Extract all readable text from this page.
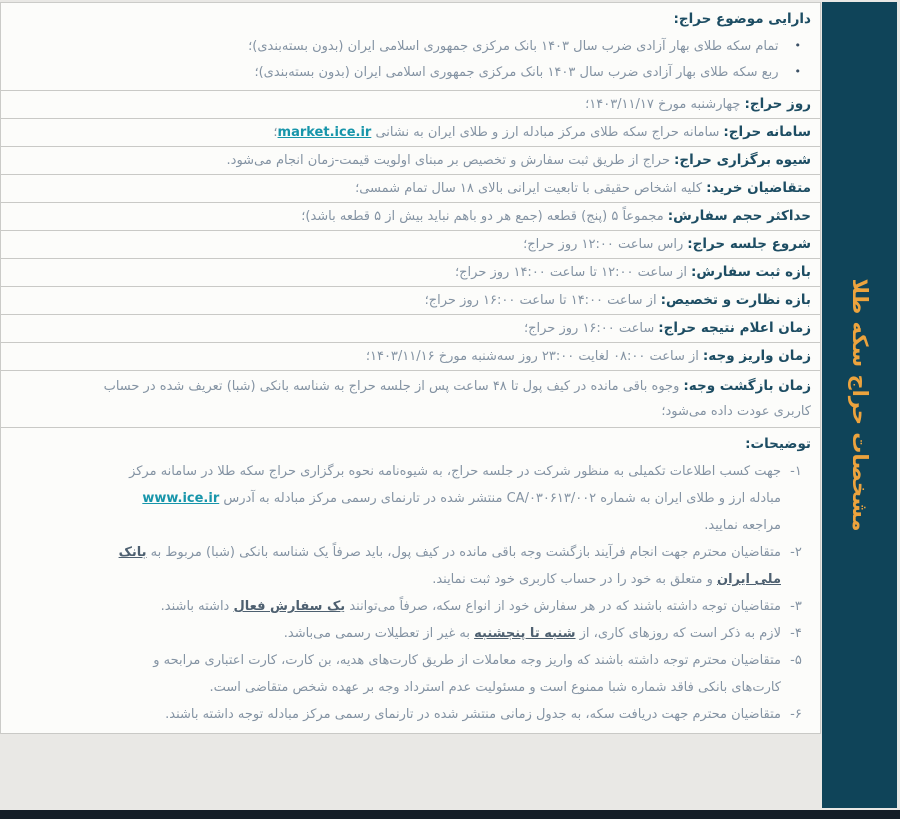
دارایی موضوع حراج:
•تمام سکه طلای بهار آزادی ضرب سال ۱۴۰۳ بانک مرکزی جمهوری اسلامی ایران (بدون بسته‌بندی)؛
•ربع سکه طلای بهار آزادی ضرب سال ۱۴۰۳ بانک مرکزی جمهوری اسلامی ایران (بدون بسته‌بندی)؛
روز حراج:چهارشنبه مورخ ۱۴۰۳/۱۱/۱۷؛
سامانه حراج:سامانه حراج سکه طلای مرکز مبادله ارز و طلای ایران به نشانی market.ice.ir؛
شیوه برگزاری حراج:حراج از طریق ثبت سفارش و تخصیص بر مبنای اولویت قیمت-زمان انجام می‌شود.
متقاضیان خرید:کلیه اشخاص حقیقی با تابعیت ایرانی بالای ۱۸ سال تمام شمسی؛
حداکثر حجم سفارش:مجموعاً ۵ (پنج) قطعه (جمع هر دو باهم نباید بیش از ۵ قطعه باشد)؛
شروع جلسه حراج:راس ساعت ۱۲:۰۰ روز حراج؛
بازه ثبت سفارش:از ساعت ۱۲:۰۰ تا ساعت ۱۴:۰۰ روز حراج؛
بازه نظارت و تخصیص:از ساعت ۱۴:۰۰ تا ساعت ۱۶:۰۰ روز حراج؛
زمان اعلام نتیجه حراج:ساعت ۱۶:۰۰ روز حراج؛
زمان واریز وجه:از ساعت ۰۸:۰۰ لغایت ۲۳:۰۰ روز سه‌شنبه مورخ ۱۴۰۳/۱۱/۱۶؛
زمان بازگشت وجه:وجوه باقی مانده در کیف پول تا ۴۸ ساعت پس از جلسه حراج به شناسه بانکی (شبا) تعریف شده در حساب کاربری عودت داده می‌شود؛
توضیحات:
۱-
جهت کسب اطلاعات تکمیلی به منظور شرکت در جلسه حراج، به شیوه‌نامه نحوه برگزاری حراج سکه طلا در سامانه مرکز مبادله ارز و طلای ایران به شماره CA/۰۳۰۶۱۳/۰۰۲ منتشر شده در تارنمای رسمی مرکز مبادله به آدرس www.ice.ir مراجعه نمایید.
۲-
متقاضیان محترم جهت انجام فرآیند بازگشت وجه باقی مانده در کیف پول، باید صرفاً یک شناسه بانکی (شبا) مربوط به بانک ملی ایران و متعلق به خود را در حساب کاربری خود ثبت نمایند.
۳-
متقاضیان توجه داشته باشند که در هر سفارش خود از انواع سکه، صرفاً می‌توانند یک سفارش فعال داشته باشند.
۴-
لازم به ذکر است که روزهای کاری، از شنبه تا پنجشنبه به غیر از تعطیلات رسمی می‌باشد.
۵-
متقاضیان محترم توجه داشته باشند که واریز وجه معاملات از طریق کارت‌های هدیه، بن کارت، کارت اعتباری مرابحه و کارت‌های بانکی فاقد شماره شبا ممنوع است و مسئولیت عدم استرداد وجه بر عهده شخص متقاضی است.
۶-
متقاضیان محترم جهت دریافت سکه، به جدول زمانی منتشر شده در تارنمای رسمی مرکز مبادله توجه داشته باشند.
مشخصات حراج سکه طلا
